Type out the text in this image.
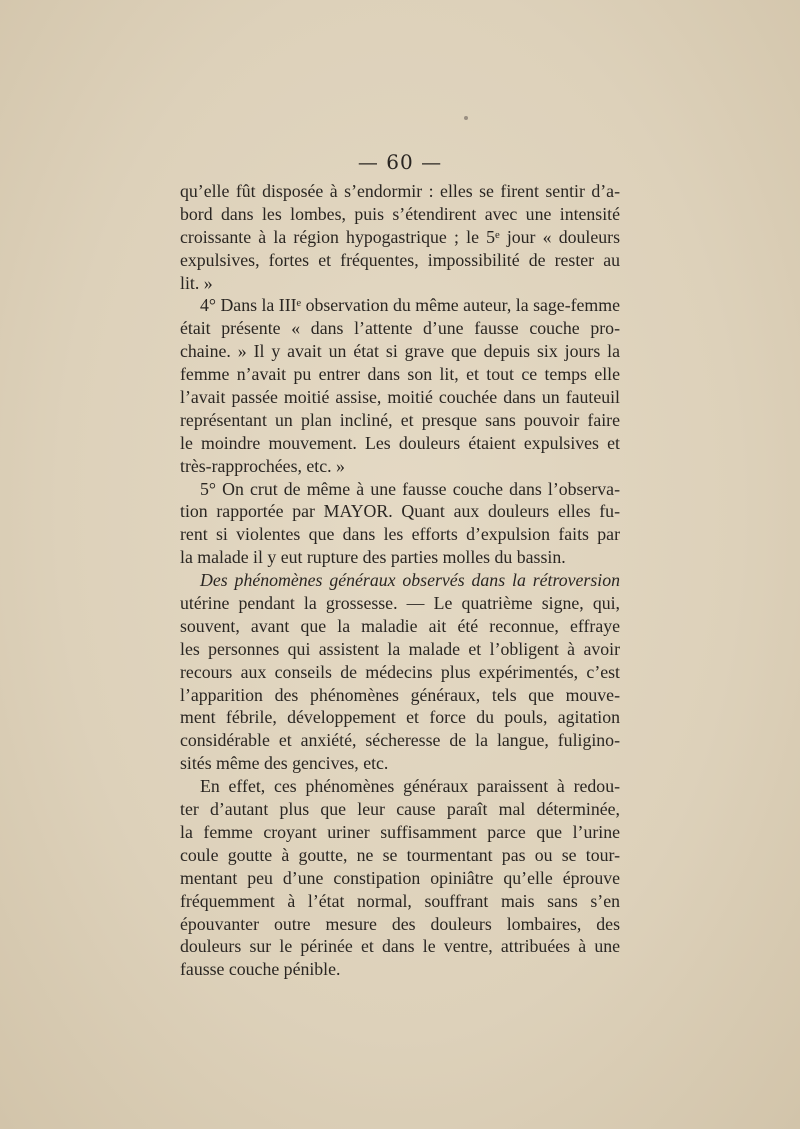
— 60 —
qu’elle fût disposée à s’endormir : elles se firent sentir d’a-
bord dans les lombes, puis s’étendirent avec une intensité
croissante à la région hypogastrique ; le 5ᵉ jour « douleurs
expulsives, fortes et fréquentes, impossibilité de rester au
lit. »
4° Dans la IIIᵉ observation du même auteur, la sage-femme
était présente « dans l’attente d’une fausse couche pro-
chaine. » Il y avait un état si grave que depuis six jours la
femme n’avait pu entrer dans son lit, et tout ce temps elle
l’avait passée moitié assise, moitié couchée dans un fauteuil
représentant un plan incliné, et presque sans pouvoir faire
le moindre mouvement. Les douleurs étaient expulsives et
très-rapprochées, etc. »
5° On crut de même à une fausse couche dans l’observa-
tion rapportée par MAYOR. Quant aux douleurs elles fu-
rent si violentes que dans les efforts d’expulsion faits par
la malade il y eut rupture des parties molles du bassin.
Des phénomènes généraux observés dans la rétroversion
utérine pendant la grossesse. — Le quatrième signe, qui,
souvent, avant que la maladie ait été reconnue, effraye
les personnes qui assistent la malade et l’obligent à avoir
recours aux conseils de médecins plus expérimentés, c’est
l’apparition des phénomènes généraux, tels que mouve-
ment fébrile, développement et force du pouls, agitation
considérable et anxiété, sécheresse de la langue, fuligino-
sités même des gencives, etc.
En effet, ces phénomènes généraux paraissent à redou-
ter d’autant plus que leur cause paraît mal déterminée,
la femme croyant uriner suffisamment parce que l’urine
coule goutte à goutte, ne se tourmentant pas ou se tour-
mentant peu d’une constipation opiniâtre qu’elle éprouve
fréquemment à l’état normal, souffrant mais sans s’en
épouvanter outre mesure des douleurs lombaires, des
douleurs sur le périnée et dans le ventre, attribuées à une
fausse couche pénible.
